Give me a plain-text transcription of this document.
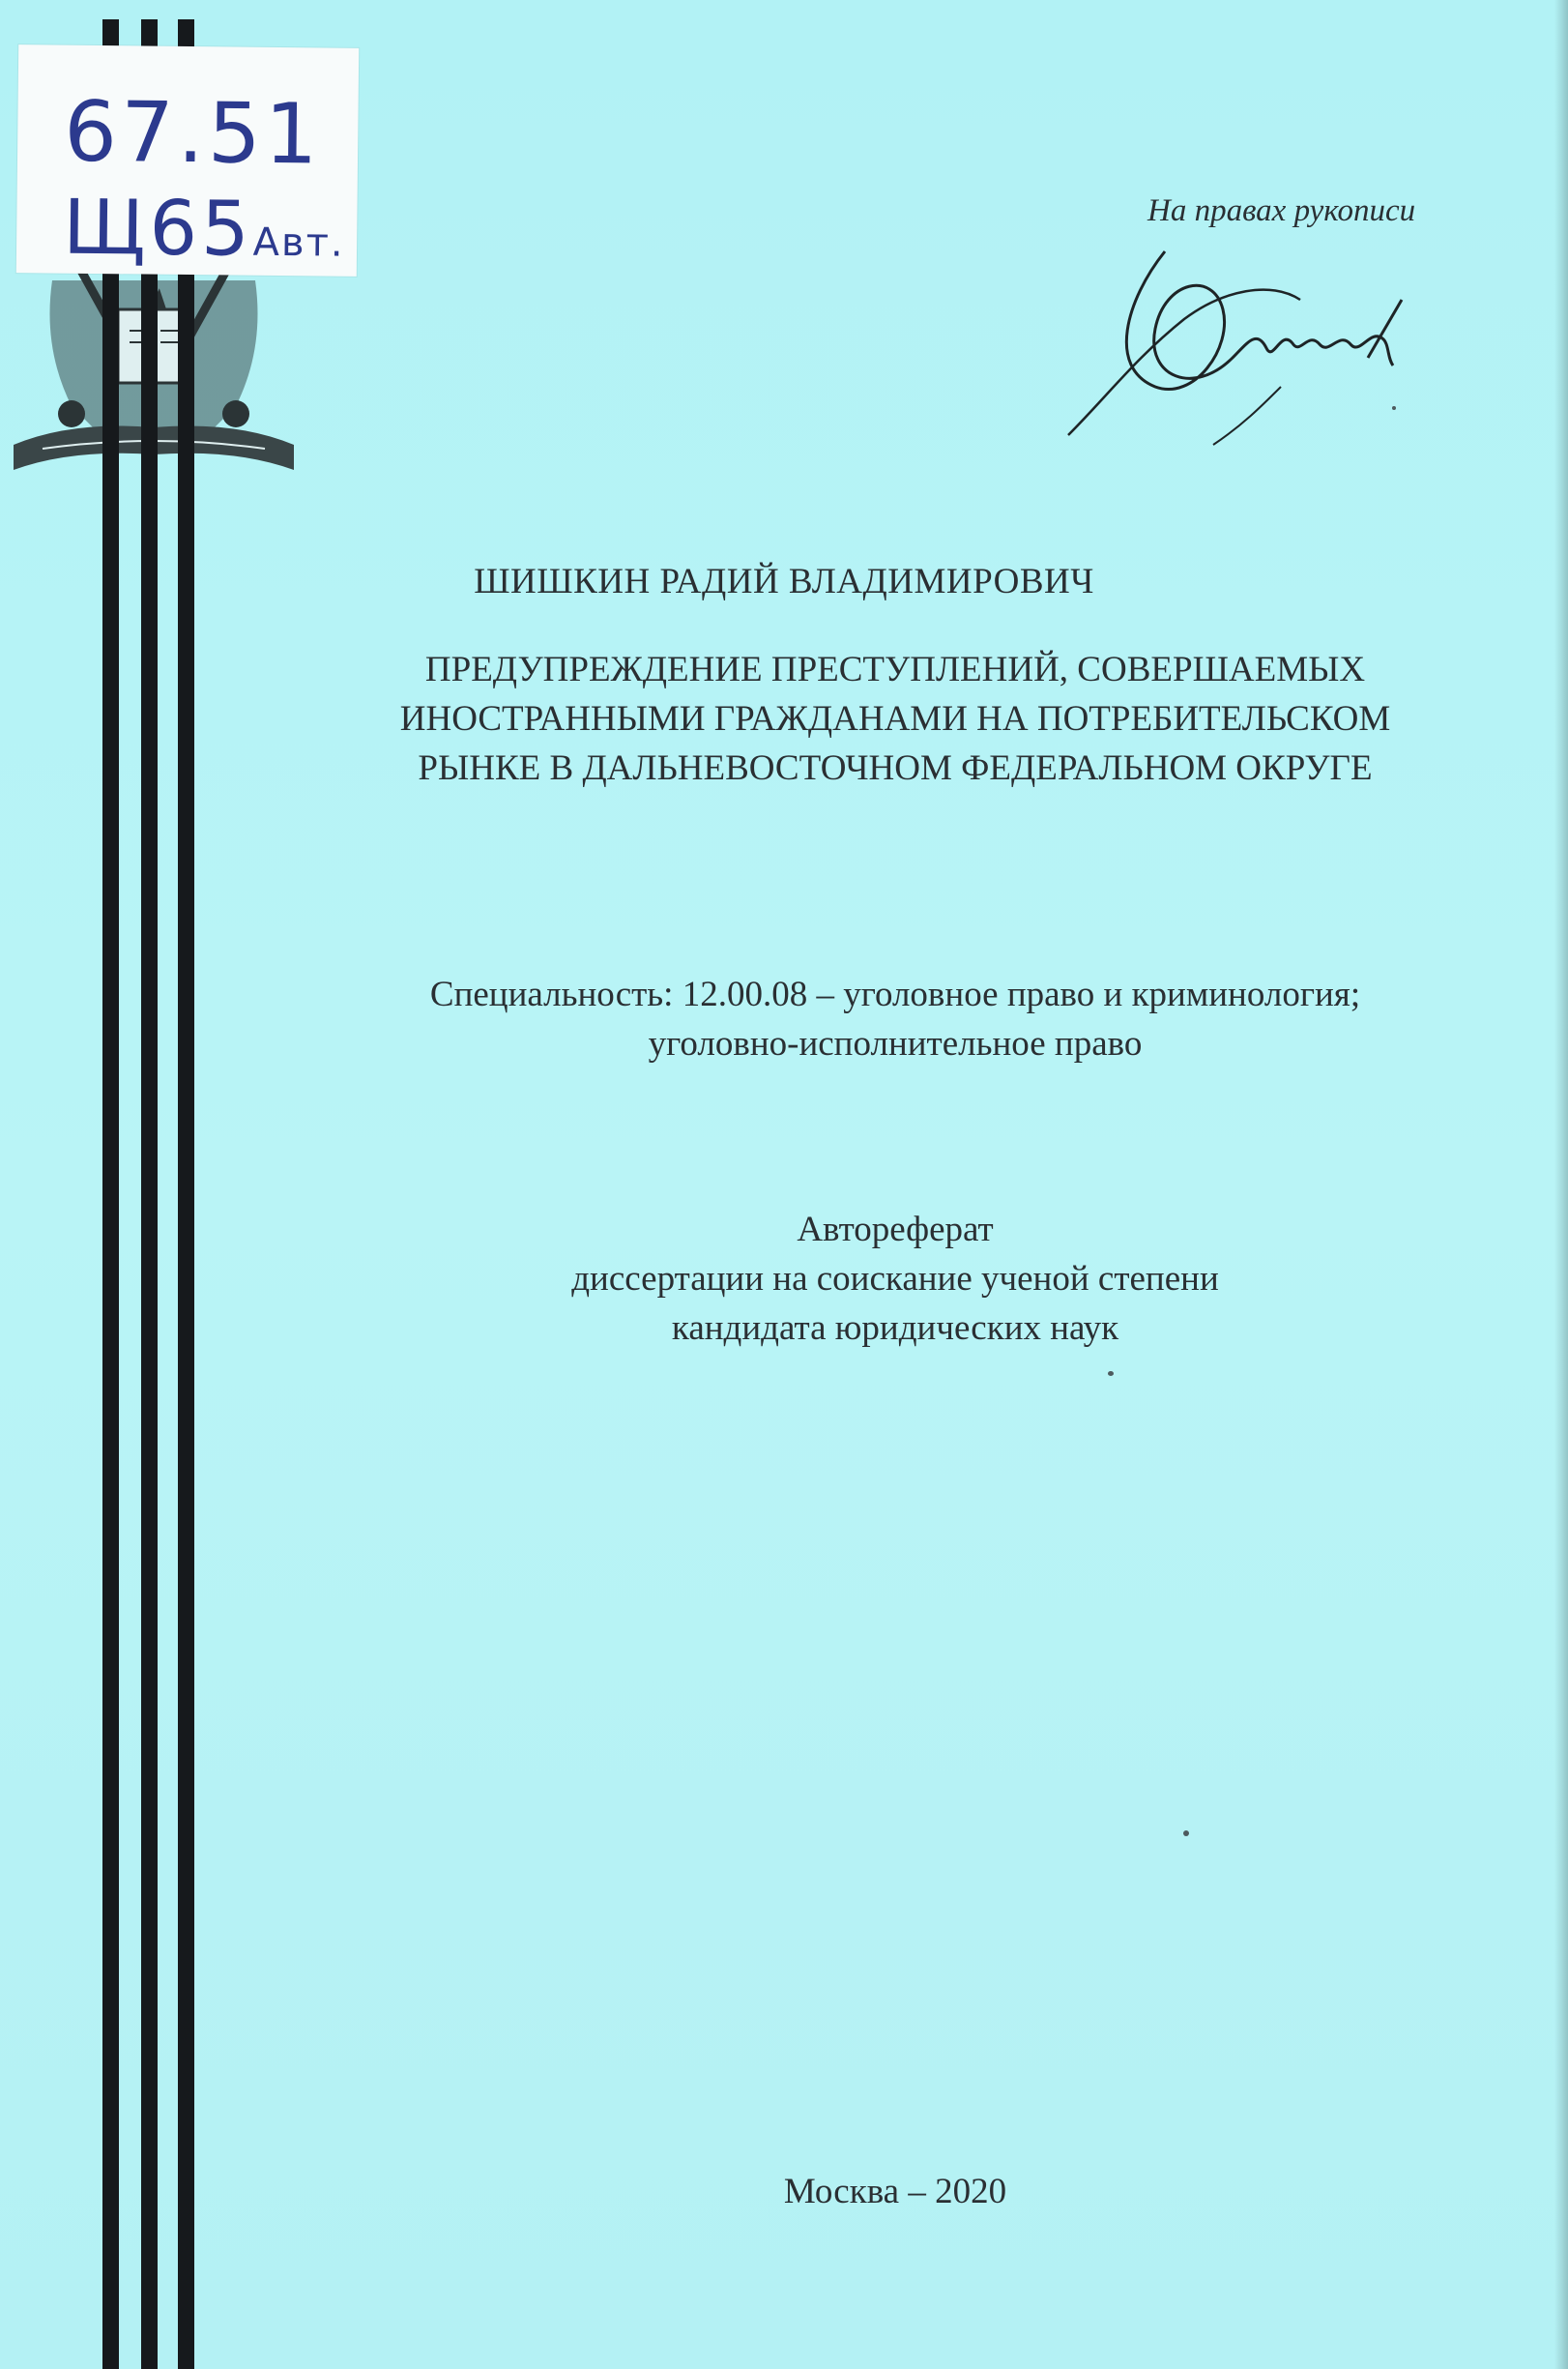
67.51
Щ65Авт.
На правах рукописи
ШИШКИН РАДИЙ ВЛАДИМИРОВИЧ
ПРЕДУПРЕЖДЕНИЕ ПРЕСТУПЛЕНИЙ, СОВЕРШАЕМЫХ
ИНОСТРАННЫМИ ГРАЖДАНАМИ НА ПОТРЕБИТЕЛЬСКОМ
РЫНКЕ В ДАЛЬНЕВОСТОЧНОМ ФЕДЕРАЛЬНОМ ОКРУГЕ
Специальность: 12.00.08 – уголовное право и криминология;
уголовно-исполнительное право
Автореферат
диссертации на соискание ученой степени
кандидата юридических наук
Москва – 2020
